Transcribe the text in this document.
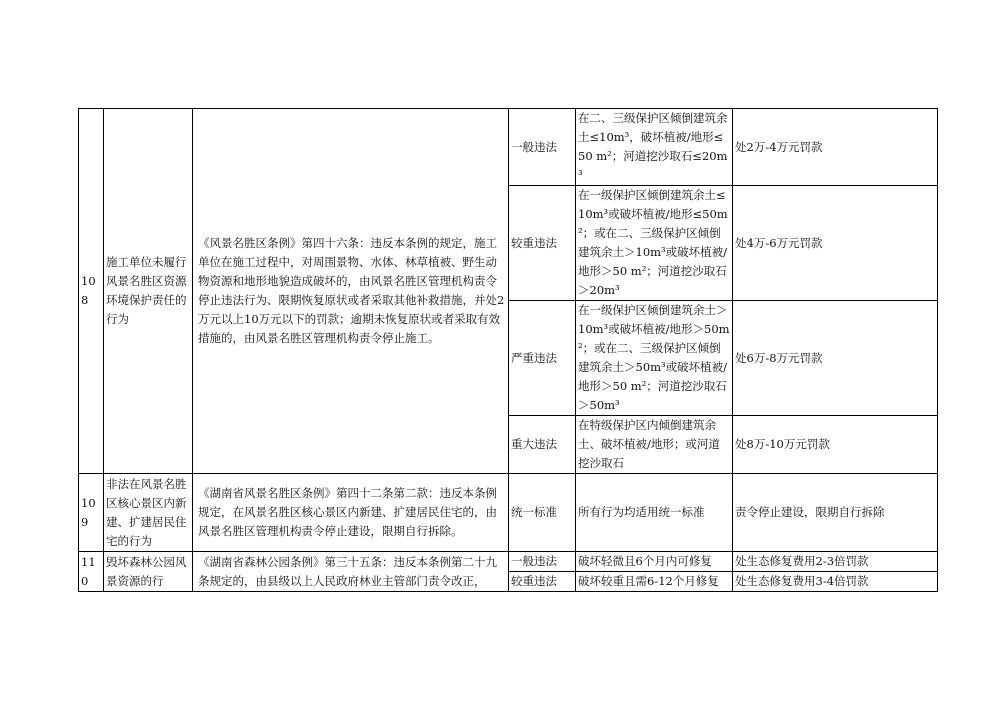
108	施工单位未履行风景名胜区资源环境保护责任的行为	《风景名胜区条例》第四十六条：违反本条例的规定，施工单位在施工过程中，对周围景物、水体、林草植被、野生动物资源和地形地貌造成破坏的，由风景名胜区管理机构责令停止违法行为、限期恢复原状或者采取其他补救措施，并处2万元以上10万元以下的罚款；逾期未恢复原状或者采取有效措施的，由风景名胜区管理机构责令停止施工。	一般违法	在二、三级保护区倾倒建筑余土≤10m³，破坏植被/地形≤50 m²；河道挖沙取石≤20m³	处2万-4万元罚款
			较重违法	在一级保护区倾倒建筑余土≤10m³或破坏植被/地形≤50m²；或在二、三级保护区倾倒建筑余土＞10m³或破坏植被/地形＞50 m²；河道挖沙取石＞20m³	处4万-6万元罚款
			严重违法	在一级保护区倾倒建筑余土＞10m³或破坏植被/地形＞50m²；或在二、三级保护区倾倒建筑余土＞50m³或破坏植被/地形＞50 m²；河道挖沙取石＞50m³	处6万-8万元罚款
			重大违法	在特级保护区内倾倒建筑余土、破坏植被/地形；或河道挖沙取石	处8万-10万元罚款
109	非法在风景名胜区核心景区内新建、扩建居民住宅的行为	《湖南省风景名胜区条例》第四十二条第二款：违反本条例规定，在风景名胜区核心景区内新建、扩建居民住宅的，由风景名胜区管理机构责令停止建设，限期自行拆除。	统一标准	所有行为均适用统一标准	责令停止建设，限期自行拆除
110	毁坏森林公园风景资源的行	《湖南省森林公园条例》第三十五条：违反本条例第二十九条规定的，由县级以上人民政府林业主管部门责令改正，	一般违法	破坏轻微且6个月内可修复	处生态修复费用2-3倍罚款
			较重违法	破坏较重且需6-12个月修复	处生态修复费用3-4倍罚款
